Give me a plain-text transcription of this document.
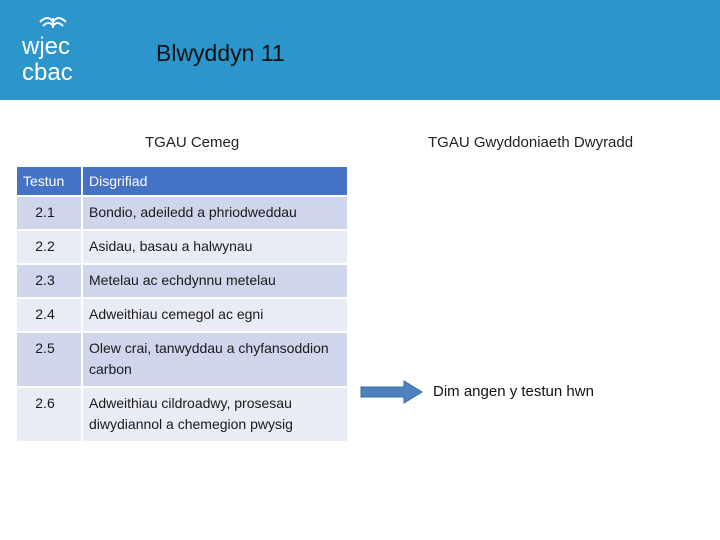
wjec
cbac
Blwyddyn 11
TGAU Cemeg	TGAU Gwyddoniaeth Dwyradd
Testun	Disgrifiad
2.1	Bondio, adeiledd a phriodweddau
2.2	Asidau, basau a halwynau
2.3	Metelau ac echdynnu metelau
2.4	Adweithiau cemegol ac egni
2.5	Olew crai, tanwyddau a chyfansoddion carbon
2.6	Adweithiau cildroadwy, prosesau diwydiannol a chemegion pwysig
Dim angen y testun hwn
